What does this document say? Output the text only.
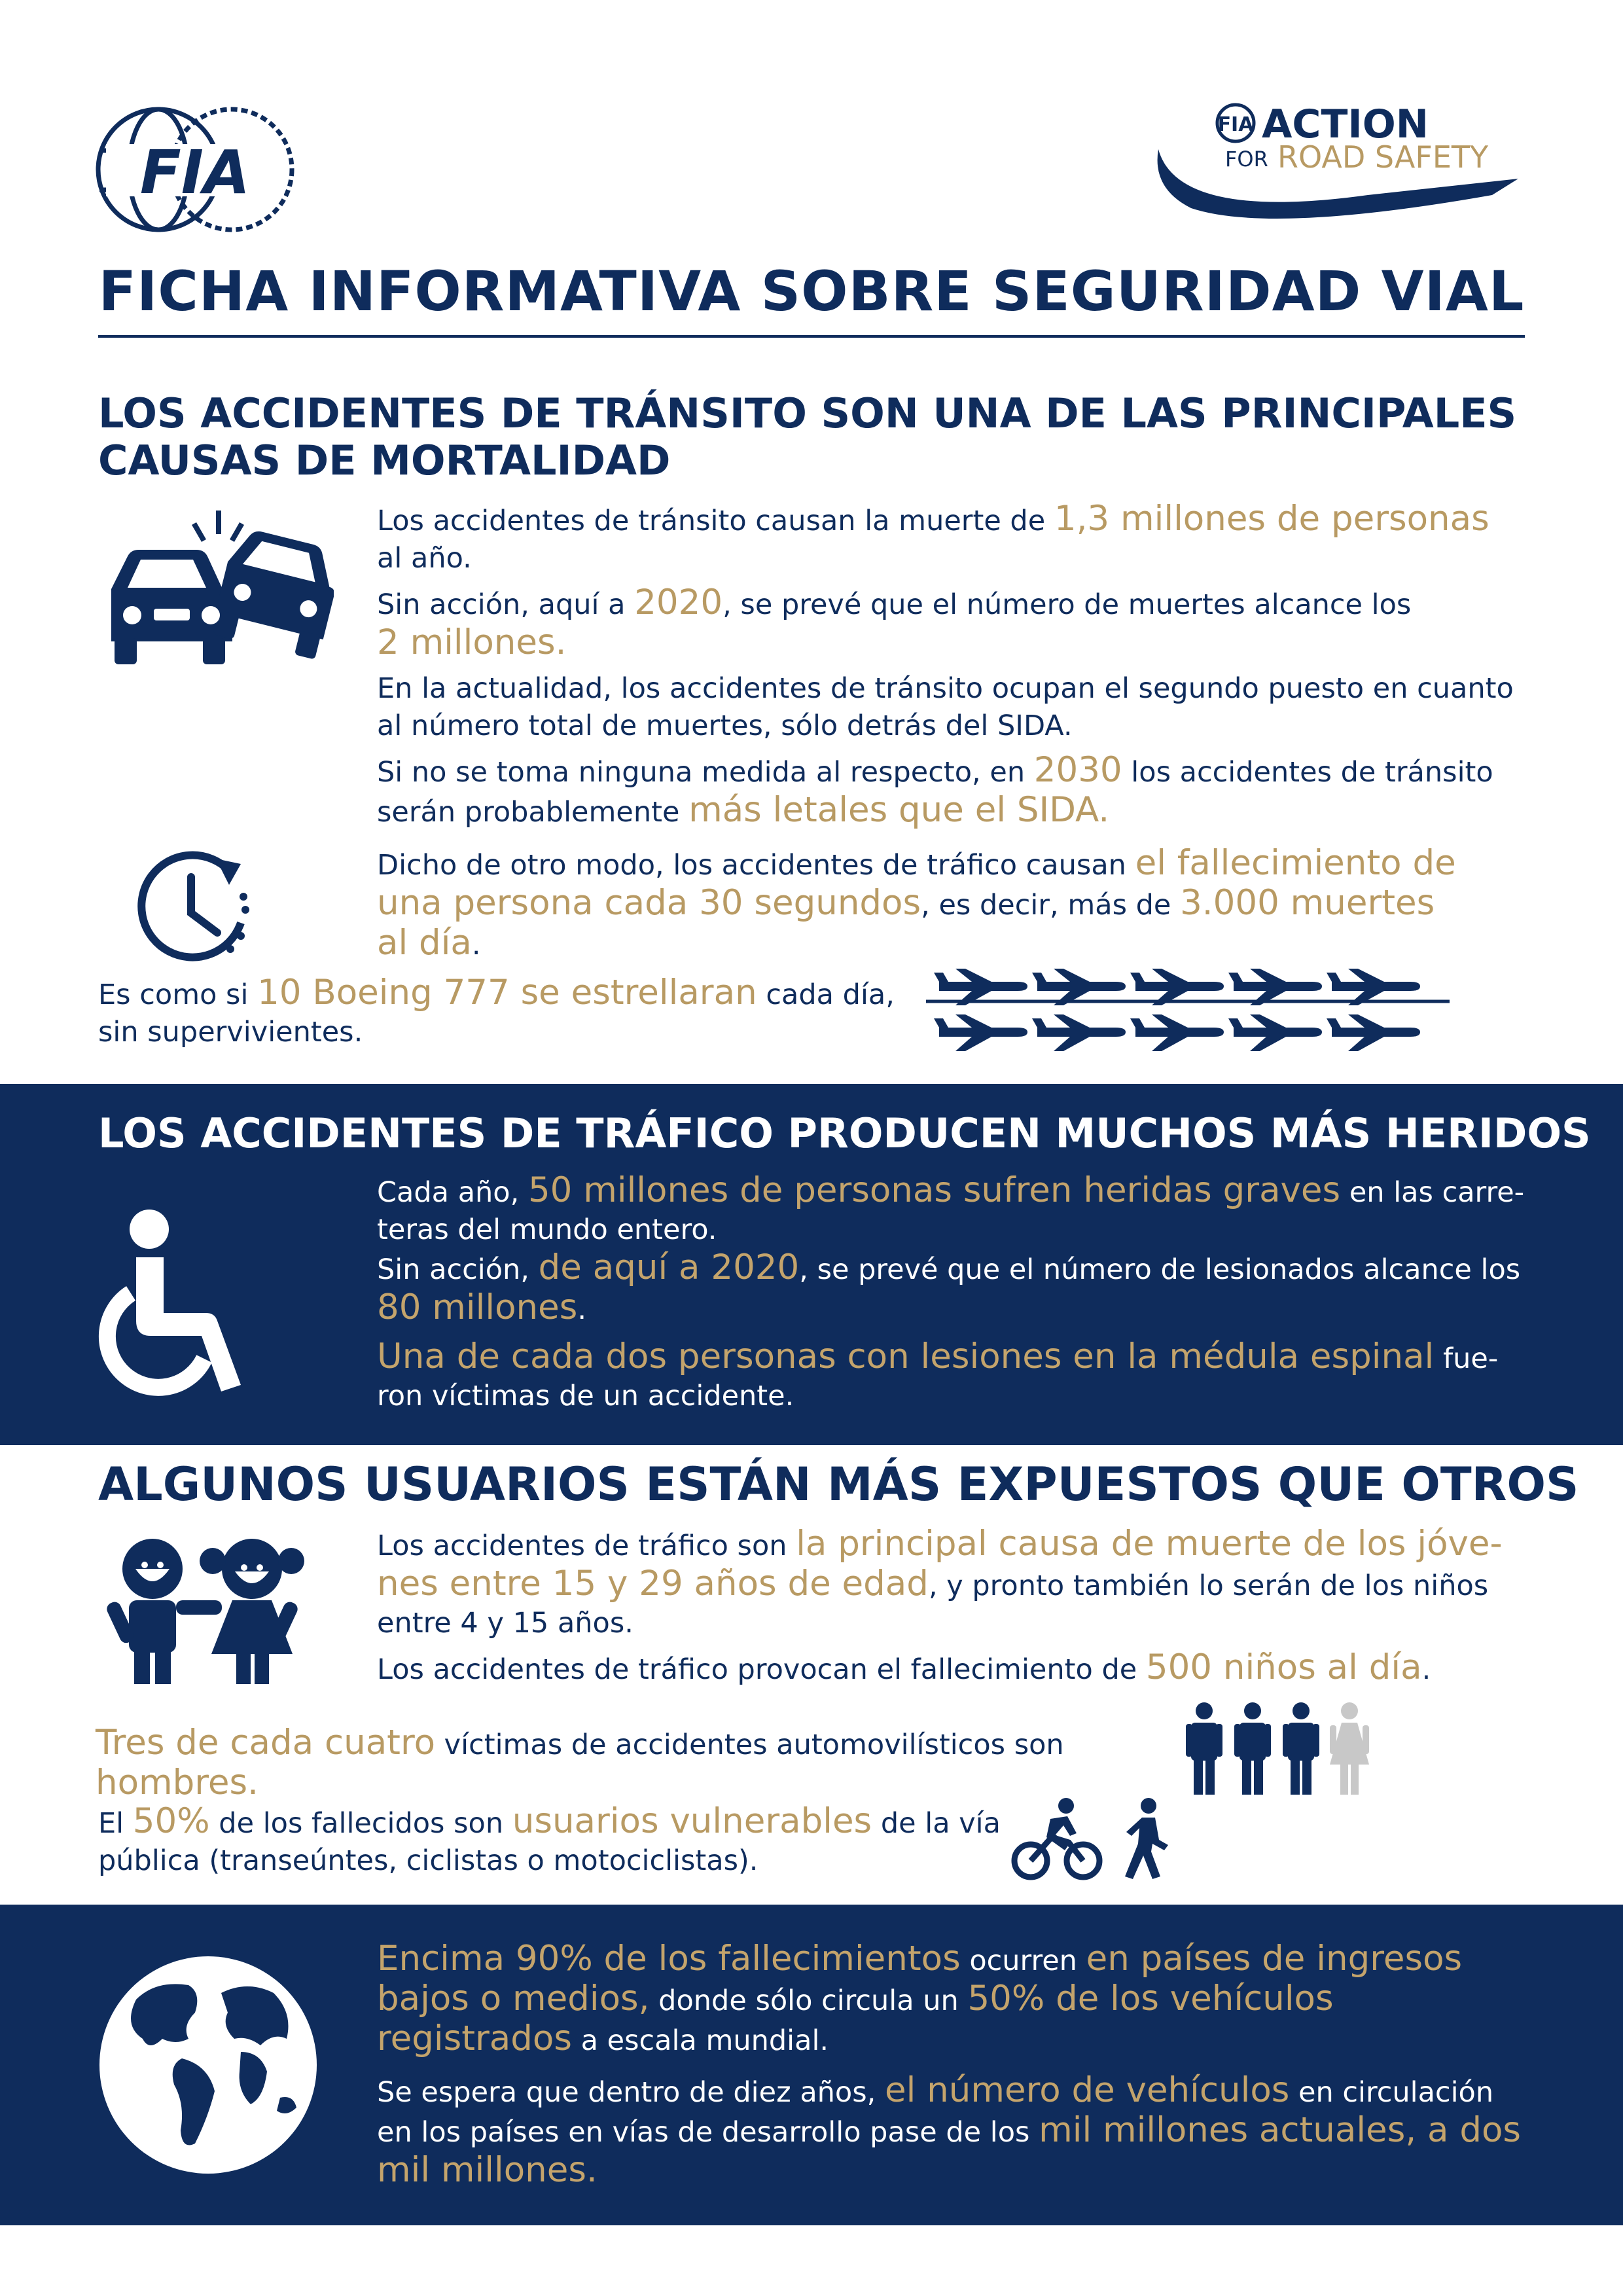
FIA
FIA ACTION
FOR ROAD SAFETY
FICHA INFORMATIVA SOBRE SEGURIDAD VIAL
LOS ACCIDENTES DE TRÁNSITO SON UNA DE LAS PRINCIPALES
CAUSAS DE MORTALIDAD

Los accidentes de tránsito causan la muerte de 1,3 millones de personas
al año.

Sin acción, aquí a 2020, se prevé que el número de muertes alcance los
2 millones.

En la actualidad, los accidentes de tránsito ocupan el segundo puesto en cuanto
al número total de muertes, sólo detrás del SIDA.

Si no se toma ninguna medida al respecto, en 2030 los accidentes de tránsito
serán probablemente más letales que el SIDA.

Dicho de otro modo, los accidentes de tráfico causan el fallecimiento de
una persona cada 30 segundos, es decir, más de 3.000 muertes
al día.

Es como si 10 Boeing 777 se estrellaran cada día,
sin supervivientes.

LOS ACCIDENTES DE TRÁFICO PRODUCEN MUCHOS MÁS HERIDOS

Cada año, 50 millones de personas sufren heridas graves en las carre-
teras del mundo entero.

Sin acción, de aquí a 2020, se prevé que el número de lesionados alcance los
80 millones.

Una de cada dos personas con lesiones en la médula espinal fue-
ron víctimas de un accidente.

ALGUNOS USUARIOS ESTÁN MÁS EXPUESTOS QUE OTROS

Los accidentes de tráfico son la principal causa de muerte de los jóve-
nes entre 15 y 29 años de edad, y pronto también lo serán de los niños
entre 4 y 15 años.

Los accidentes de tráfico provocan el fallecimiento de 500 niños al día.

Tres de cada cuatro víctimas de accidentes automovilísticos son hombres.

El 50% de los fallecidos son usuarios vulnerables de la vía
pública (transeúntes, ciclistas o motociclistas).

Encima 90% de los fallecimientos ocurren en países de ingresos
bajos o medios, donde sólo circula un 50% de los vehículos
registrados a escala mundial.

Se espera que dentro de diez años, el número de vehículos en circulación
en los países en vías de desarrollo pase de los mil millones actuales, a dos
mil millones.
